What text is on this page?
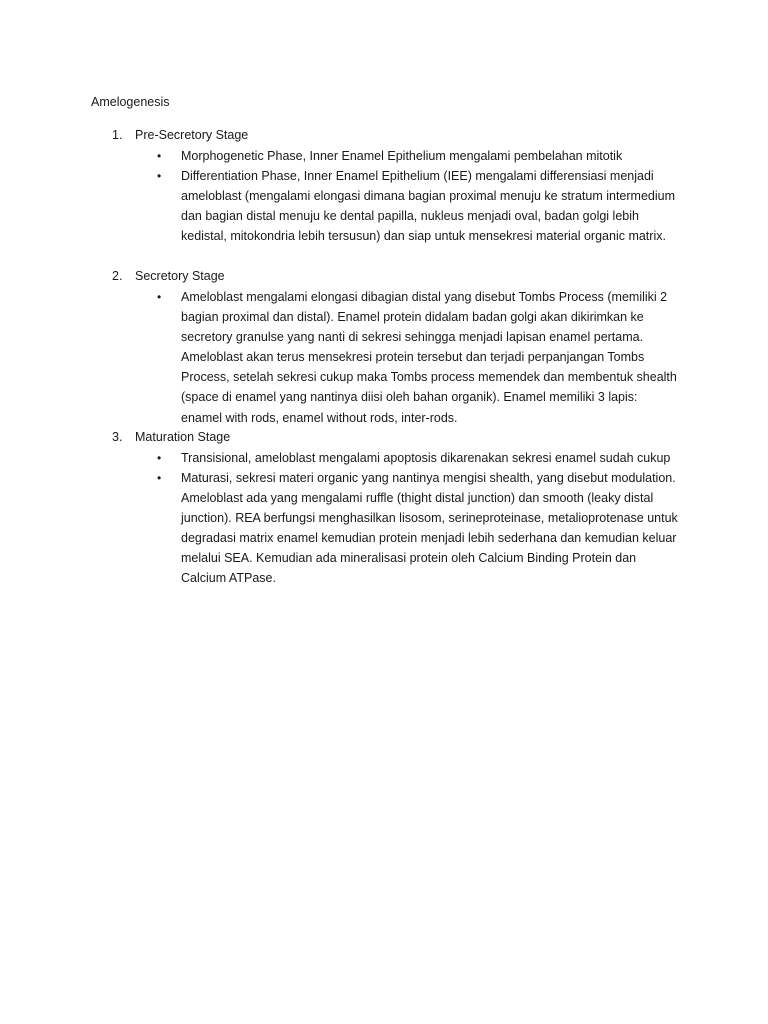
Amelogenesis
1. Pre-Secretory Stage
• Morphogenetic Phase, Inner Enamel Epithelium mengalami pembelahan mitotik

• Differentiation Phase, Inner Enamel Epithelium (IEE) mengalami differensiasi menjadi ameloblast (mengalami elongasi dimana bagian proximal menuju ke stratum intermedium dan bagian distal menuju ke dental papilla, nukleus menjadi oval, badan golgi lebih kedistal, mitokondria lebih tersusun) dan siap untuk mensekresi material organic matrix.

2. Secretory Stage
• Ameloblast mengalami elongasi dibagian distal yang disebut Tombs Process (memiliki 2 bagian proximal dan distal). Enamel protein didalam badan golgi akan dikirimkan ke secretory granulse yang nanti di sekresi sehingga menjadi lapisan enamel pertama. Ameloblast akan terus mensekresi protein tersebut dan terjadi perpanjangan Tombs Process, setelah sekresi cukup maka Tombs process memendek dan membentuk shealth (space di enamel yang nantinya diisi oleh bahan organik). Enamel memiliki 3 lapis: enamel with rods, enamel without rods, inter-rods.

3. Maturation Stage
• Transisional, ameloblast mengalami apoptosis dikarenakan sekresi enamel sudah cukup

• Maturasi, sekresi materi organic yang nantinya mengisi shealth, yang disebut modulation. Ameloblast ada yang mengalami ruffle (thight distal junction) dan smooth (leaky distal junction). REA berfungsi menghasilkan lisosom, serineproteinase, metalioprotenase untuk degradasi matrix enamel kemudian protein menjadi lebih sederhana dan kemudian keluar melalui SEA. Kemudian ada mineralisasi protein oleh Calcium Binding Protein dan Calcium ATPase.
